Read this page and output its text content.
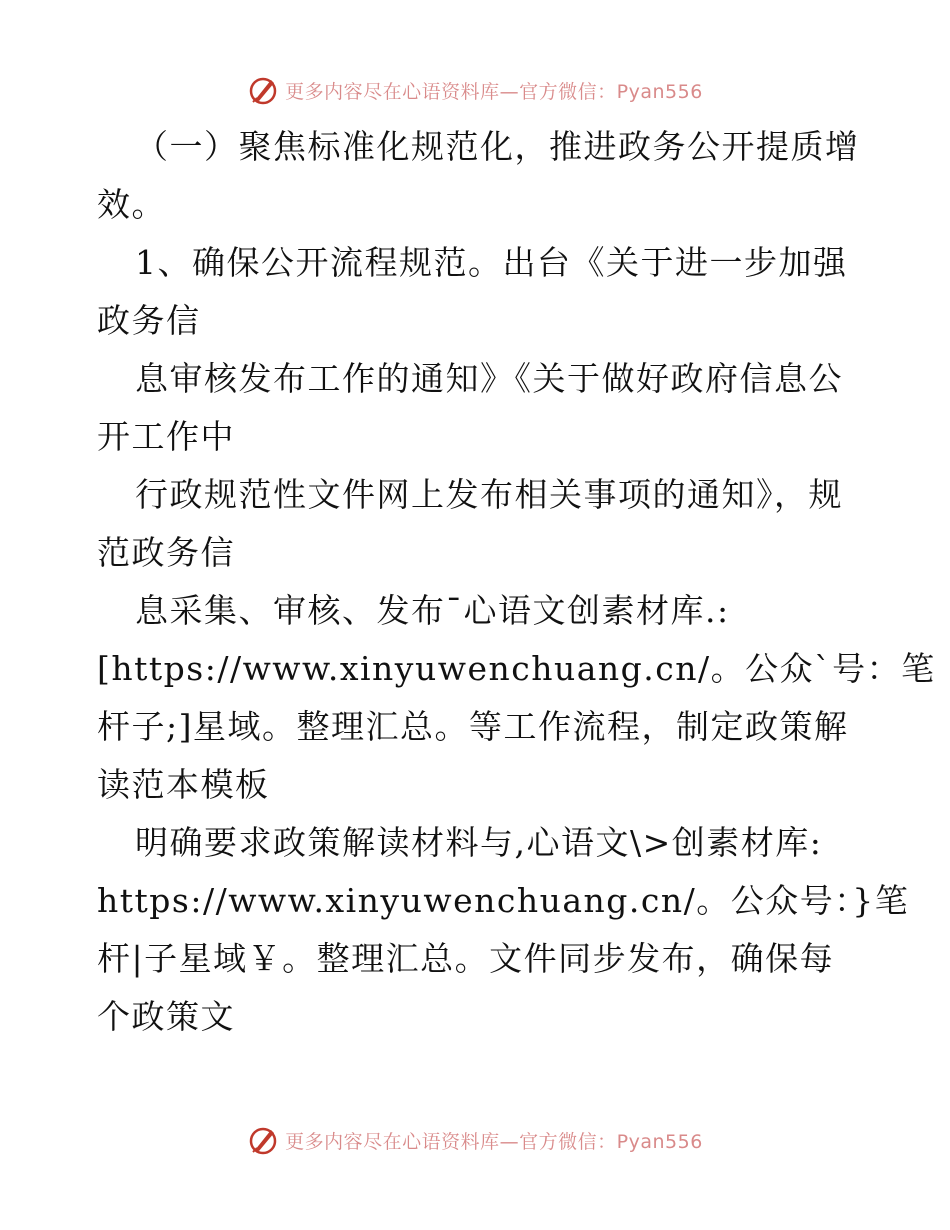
更多内容尽在心语资料库—官方微信：Pyan556
（一）聚焦标准化规范化，推进政务公开提质增
效。
1、确保公开流程规范。出台《关于进一步加强
政务信
息审核发布工作的通知》《关于做好政府信息公
开工作中
行政规范性文件网上发布相关事项的通知》，规
范政务信
息采集、审核、发布¯心语文创素材库.:
[https://www.xinyuwenchuang.cn/。公众`号：笔
杆子;]星域。整理汇总。等工作流程，制定政策解
读范本模板
明确要求政策解读材料与,心语文\>创素材库:
https://www.xinyuwenchuang.cn/。公众号：}笔
杆|子星域￥。整理汇总。文件同步发布，确保每
个政策文
更多内容尽在心语资料库—官方微信：Pyan556
